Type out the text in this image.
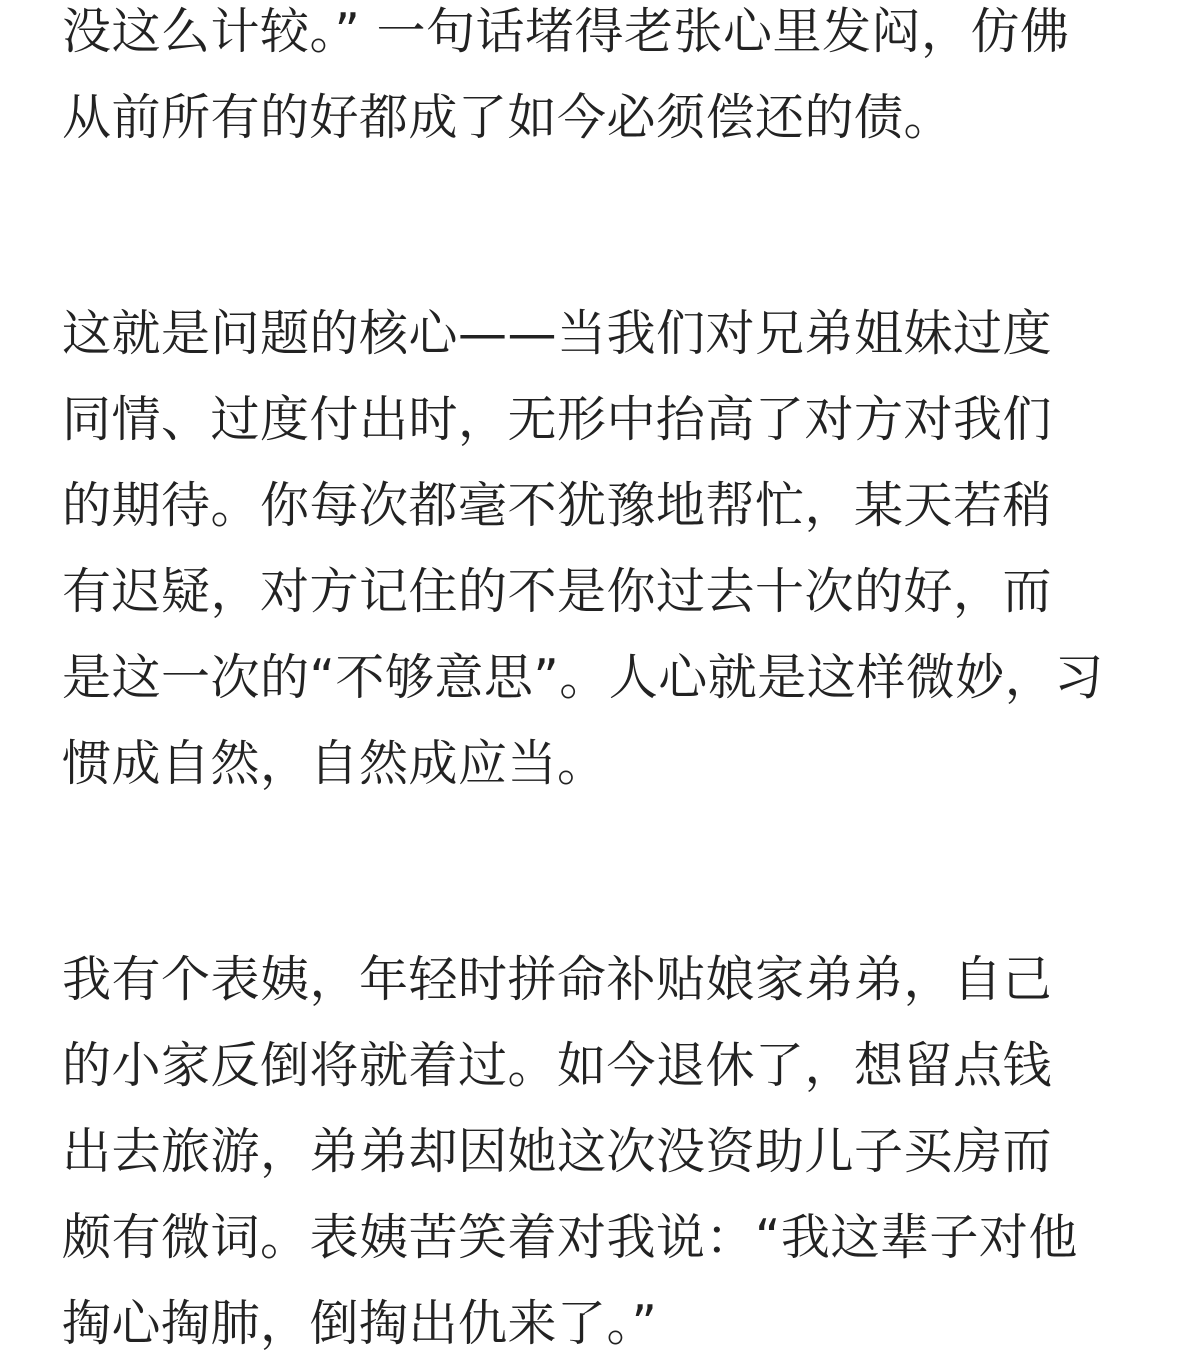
没这么计较。” 一句话堵得老张心里发闷，仿佛
从前所有的好都成了如今必须偿还的债。

这就是问题的核心——当我们对兄弟姐妹过度
同情、过度付出时，无形中抬高了对方对我们
的期待。你每次都毫不犹豫地帮忙，某天若稍
有迟疑，对方记住的不是你过去十次的好，而
是这一次的“不够意思”。人心就是这样微妙，习
惯成自然，自然成应当。

我有个表姨，年轻时拼命补贴娘家弟弟，自己
的小家反倒将就着过。如今退休了，想留点钱
出去旅游，弟弟却因她这次没资助儿子买房而
颇有微词。表姨苦笑着对我说：“我这辈子对他
掏心掏肺，倒掏出仇来了。”
